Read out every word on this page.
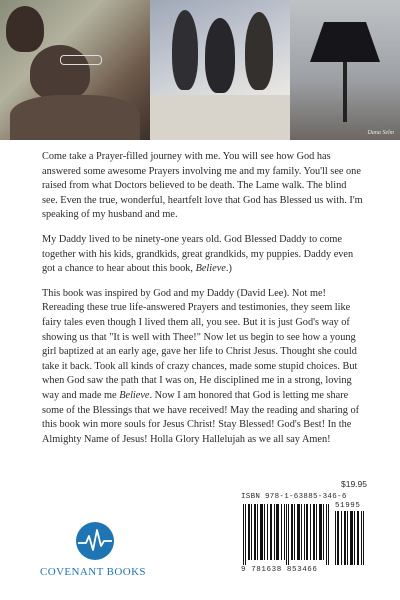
Dana Selm

Come take a Prayer-filled journey with me. You will see how God has answered some awesome Prayers involving me and my family. You'll see one raised from what Doctors believed to be death. The Lame walk. The blind see. Even the true, wonderful, heartfelt love that God has Blessed us with. I'm speaking of my husband and me.

My Daddy lived to be ninety-one years old. God Blessed Daddy to come together with his kids, grandkids, great grandkids, my puppies. Daddy even got a chance to hear about this book, Believe.)

This book was inspired by God and my Daddy (David Lee). Not me! Rereading these true life-answered Prayers and testimonies, they seem like fairy tales even though I lived them all, you see. But it is just God's way of showing us that "It is well with Thee!" Now let us begin to see how a young girl baptized at an early age, gave her life to Christ Jesus. Thought she could take it back. Took all kinds of crazy chances, made some stupid choices. But when God saw the path that I was on, He disciplined me in a strong, loving way and made me Believe. Now I am honored that God is letting me share some of the Blessings that we have received! May the reading and sharing of this book win more souls for Jesus Christ! Stay Blessed! God's Best! In the Almighty Name of Jesus! Holla Glory Hallelujah as we all say Amen!

$19.95
ISBN 978-1-63885-346-6
51995
9 781638 853466
COVENANT BOOKS
